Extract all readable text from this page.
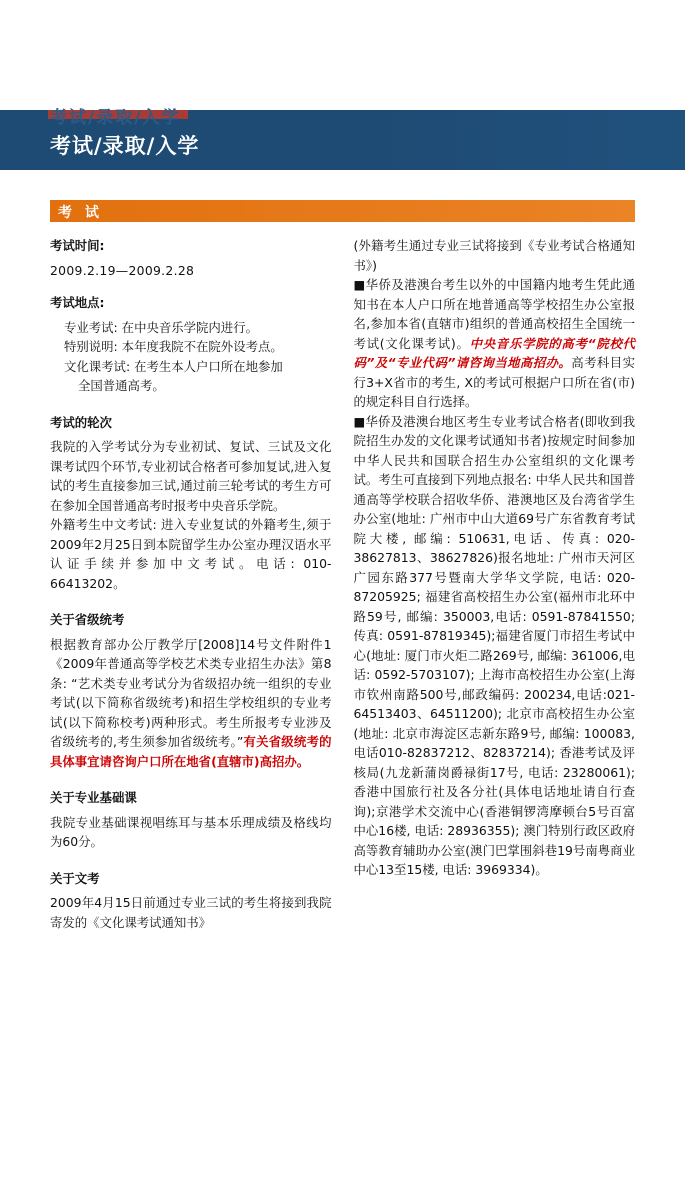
考试/录取/入学
考试/录取/入学
考 试

考试时间:

2009.2.19—2009.2.28

考试地点:

专业考试: 在中央音乐学院内进行。

特别说明: 本年度我院不在院外设考点。

文化课考试: 在考生本人户口所在地参加

全国普通高考。

考试的轮次

我院的入学考试分为专业初试、复试、三试及文化课考试四个环节,专业初试合格者可参加复试,进入复试的考生直接参加三试,通过前三轮考试的考生方可在参加全国普通高考时报考中央音乐学院。

外籍考生中文考试: 进入专业复试的外籍考生,须于2009年2月25日到本院留学生办公室办理汉语水平认证手续并参加中文考试。电话: 010-66413202。

关于省级统考

根据教育部办公厅教学厅[2008]14号文件附件1《2009年普通高等学校艺术类专业招生办法》第8条: “艺术类专业考试分为省级招办统一组织的专业考试(以下简称省级统考)和招生学校组织的专业考试(以下简称校考)两种形式。考生所报考专业涉及省级统考的,考生须参加省级统考。”有关省级统考的具体事宜请咨询户口所在地省(直辖市)高招办。

关于专业基础课

我院专业基础课视唱练耳与基本乐理成绩及格线均为60分。

关于文考

2009年4月15日前通过专业三试的考生将接到我院寄发的《文化课考试通知书》

(外籍考生通过专业三试将接到《专业考试合格通知书》)

■华侨及港澳台考生以外的中国籍内地考生凭此通知书在本人户口所在地普通高等学校招生办公室报名,参加本省(直辖市)组织的普通高校招生全国统一考试(文化课考试)。中央音乐学院的高考“院校代码”及“专业代码”请咨询当地高招办。高考科目实行3+X省市的考生, X的考试可根据户口所在省(市)的规定科目自行选择。

■华侨及港澳台地区考生专业考试合格者(即收到我院招生办发的文化课考试通知书者)按规定时间参加中华人民共和国联合招生办公室组织的文化课考试。考生可直接到下列地点报名: 中华人民共和国普通高等学校联合招收华侨、港澳地区及台湾省学生办公室(地址: 广州市中山大道69号广东省教育考试院大楼, 邮编: 510631,电话、传真: 020-38627813、38627826)报名地址: 广州市天河区广园东路377号暨南大学华文学院, 电话: 020-87205925; 福建省高校招生办公室(福州市北环中路59号, 邮编: 350003,电话: 0591-87841550; 传真: 0591-87819345);福建省厦门市招生考试中心(地址: 厦门市火炬二路269号, 邮编: 361006,电话: 0592-5703107); 上海市高校招生办公室(上海市钦州南路500号,邮政编码: 200234,电话:021-64513403、64511200); 北京市高校招生办公室(地址: 北京市海淀区志新东路9号, 邮编: 100083,电话010-82837212、82837214); 香港考试及评核局(九龙新蒲岗爵禄街17号, 电话: 23280061); 香港中国旅行社及各分社(具体电话地址请自行查询);京港学术交流中心(香港铜锣湾摩顿台5号百富中心16楼, 电话: 28936355); 澳门特别行政区政府高等教育辅助办公室(澳门巴掌围斜巷19号南粤商业中心13至15楼, 电话: 3969334)。
